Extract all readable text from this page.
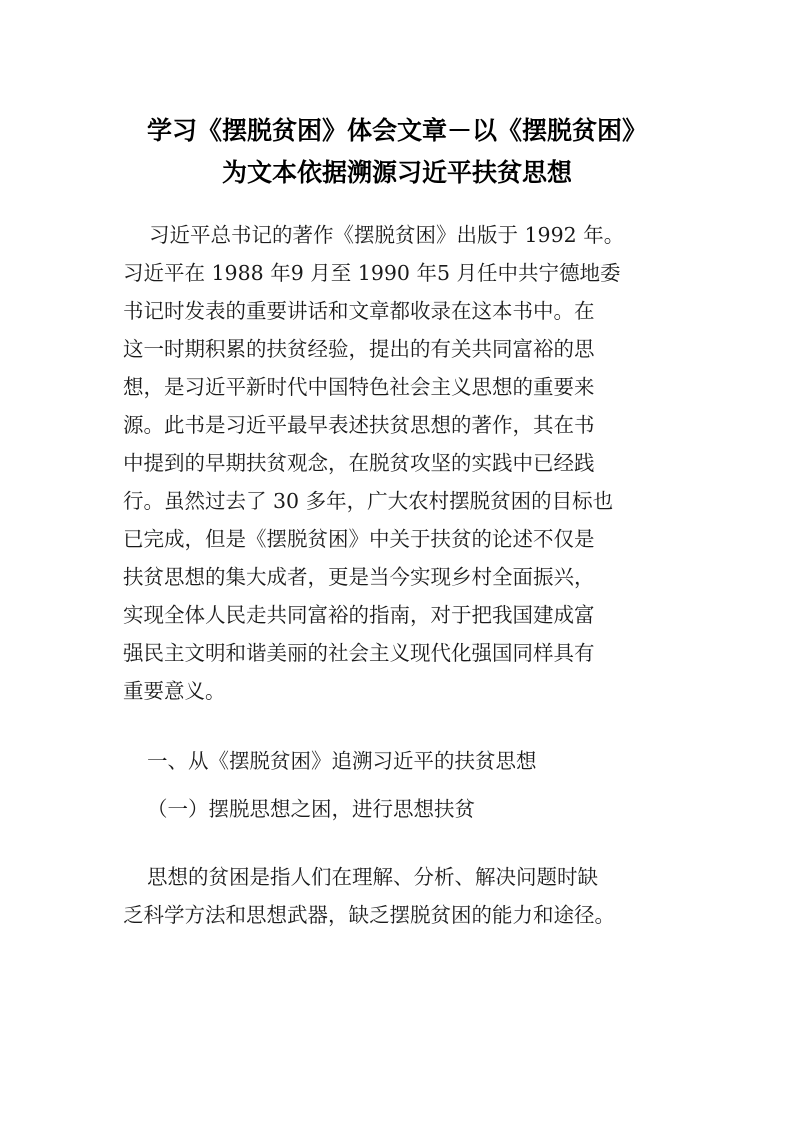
学习《摆脱贫困》体会文章－以《摆脱贫困》
为文本依据溯源习近平扶贫思想
习近平总书记的著作《摆脱贫困》出版于 1992 年。
习近平在 1988 年9 月至 1990 年5 月任中共宁德地委
书记时发表的重要讲话和文章都收录在这本书中。在
这一时期积累的扶贫经验，提出的有关共同富裕的思
想，是习近平新时代中国特色社会主义思想的重要来
源。此书是习近平最早表述扶贫思想的著作，其在书
中提到的早期扶贫观念，在脱贫攻坚的实践中已经践
行。虽然过去了 30 多年，广大农村摆脱贫困的目标也
已完成，但是《摆脱贫困》中关于扶贫的论述不仅是
扶贫思想的集大成者，更是当今实现乡村全面振兴，
实现全体人民走共同富裕的指南，对于把我国建成富
强民主文明和谐美丽的社会主义现代化强国同样具有
重要意义。
一、从《摆脱贫困》追溯习近平的扶贫思想
（一）摆脱思想之困，进行思想扶贫
思想的贫困是指人们在理解、分析、解决问题时缺
乏科学方法和思想武器，缺乏摆脱贫困的能力和途径。
